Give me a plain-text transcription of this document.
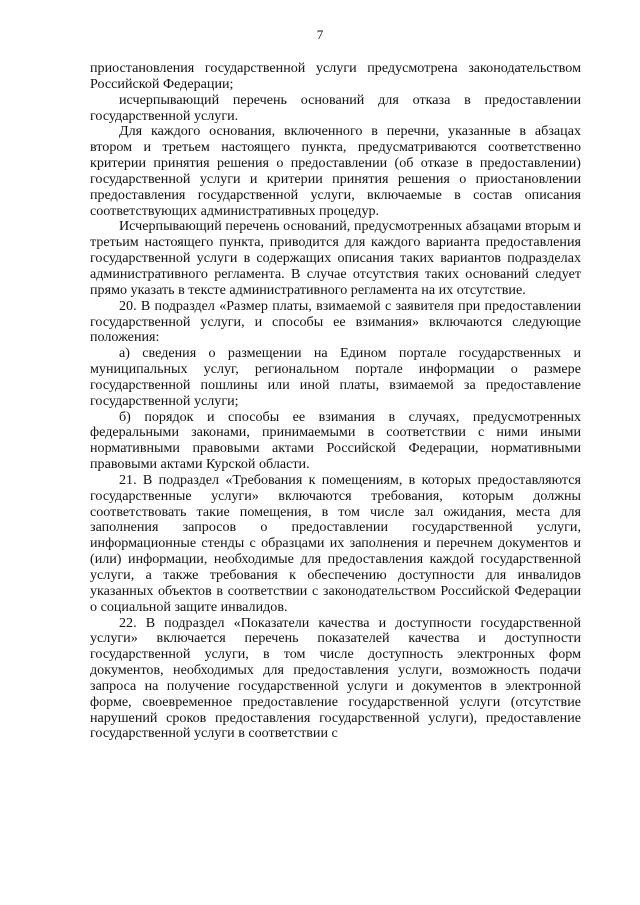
7

приостановления государственной услуги предусмотрена законодательством Российской Федерации;

исчерпывающий перечень оснований для отказа в предоставлении государственной услуги.

Для каждого основания, включенного в перечни, указанные в абзацах втором и третьем настоящего пункта, предусматриваются соответственно критерии принятия решения о предоставлении (об отказе в предоставлении) государственной услуги и критерии принятия решения о приостановлении предоставления государственной услуги, включаемые в состав описания соответствующих административных процедур.

Исчерпывающий перечень оснований, предусмотренных абзацами вторым и третьим настоящего пункта, приводится для каждого варианта предоставления государственной услуги в содержащих описания таких вариантов подразделах административного регламента. В случае отсутствия таких оснований следует прямо указать в тексте административного регламента на их отсутствие.

20. В подраздел «Размер платы, взимаемой с заявителя при предоставлении государственной услуги, и способы ее взимания» включаются следующие положения:

а) сведения о размещении на Едином портале государственных и муниципальных услуг, региональном портале информации о размере государственной пошлины или иной платы, взимаемой за предоставление государственной услуги;

б) порядок и способы ее взимания в случаях, предусмотренных федеральными законами, принимаемыми в соответствии с ними иными нормативными правовыми актами Российской Федерации, нормативными правовыми актами Курской области.

21. В подраздел «Требования к помещениям, в которых предоставляются государственные услуги» включаются требования, которым должны соответствовать такие помещения, в том числе зал ожидания, места для заполнения запросов о предоставлении государственной услуги, информационные стенды с образцами их заполнения и перечнем документов и (или) информации, необходимые для предоставления каждой государственной услуги, а также требования к обеспечению доступности для инвалидов указанных объектов в соответствии с законодательством Российской Федерации о социальной защите инвалидов.

22. В подраздел «Показатели качества и доступности государственной услуги» включается перечень показателей качества и доступности государственной услуги, в том числе доступность электронных форм документов, необходимых для предоставления услуги, возможность подачи запроса на получение государственной услуги и документов в электронной форме, своевременное предоставление государственной услуги (отсутствие нарушений сроков предоставления государственной услуги), предоставление государственной услуги в соответствии с
